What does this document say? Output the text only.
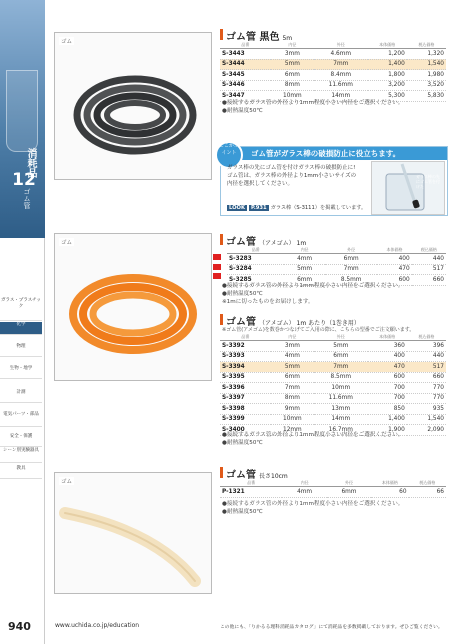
消耗品
12
ゴム管
ガラス・プラスチック
化学
物理
生物・地学
計測
電気パーツ・部品
安全・保護
シーン別実験器具
教具
ゴム
ゴム
ゴム
ゴム管 黒色 5m
品番	内径	外径	本体価格	税込価格
S-3443	3mm	4.6mm	1,200	1,320
S-3444	5mm	7mm	1,400	1,540
S-3445	6mm	8.4mm	1,800	1,980
S-3446	8mm	11.6mm	3,200	3,520
S-3447	10mm	14mm	5,300	5,830
●接続するガラス管の外径より1mm程度小さい内径をご選択ください。
●耐熱温度50℃
ゴム管がガラス棒の破損防止に役立ちます。
ここがポイント
ガラス棒の先にゴム管を付けガラス棒の破損防止に!
ゴム管は、ガラス棒の外径より1mm小さいサイズの
内径を選択してください。
ガラス棒の先にゴム管を付けた
LOOK P.931 ガラス棒（S-3111）を掲載しています。
ゴム管 （アメゴム） 1m
品番	内径	外径	本体価格	税込価格
S-3283	4mm	6mm	400	440
S-3284	5mm	7mm	470	517
S-3285	6mm	8.5mm	600	660
●接続するガラス管の外径より1mm程度小さい内径をご選択ください。
●耐熱温度50℃
※1mに切ったものをお届けします。
ゴム管 （アメゴム） 1m あたり（1巻き用）
※ゴム管(アメゴム)を数巻かつなげてご入用の際に、こちらの型番でご注文願います。
品番	内径	外径	本体価格	税込価格
S-3392	3mm	5mm	360	396
S-3393	4mm	6mm	400	440
S-3394	5mm	7mm	470	517
S-3395	6mm	8.5mm	600	660
S-3396	7mm	10mm	700	770
S-3397	8mm	11.6mm	700	770
S-3398	9mm	13mm	850	935
S-3399	10mm	14mm	1,400	1,540
S-3400	12mm	16.7mm	1,900	2,090
●接続するガラス管の外径より1mm程度小さい内径をご選択ください。
●耐熱温度50℃
ゴム管 長さ10cm
品番	内径	外径	本体価格	税込価格
P-1321	4mm	6mm	60	66
●接続するガラス管の外径より1mm程度小さい内径をご選択ください。
●耐熱温度50℃
940	www.uchida.co.jp/education	この他にも、「りかるる理科消耗品カタログ」にて消耗品を多数掲載しております。ぜひご覧ください。
